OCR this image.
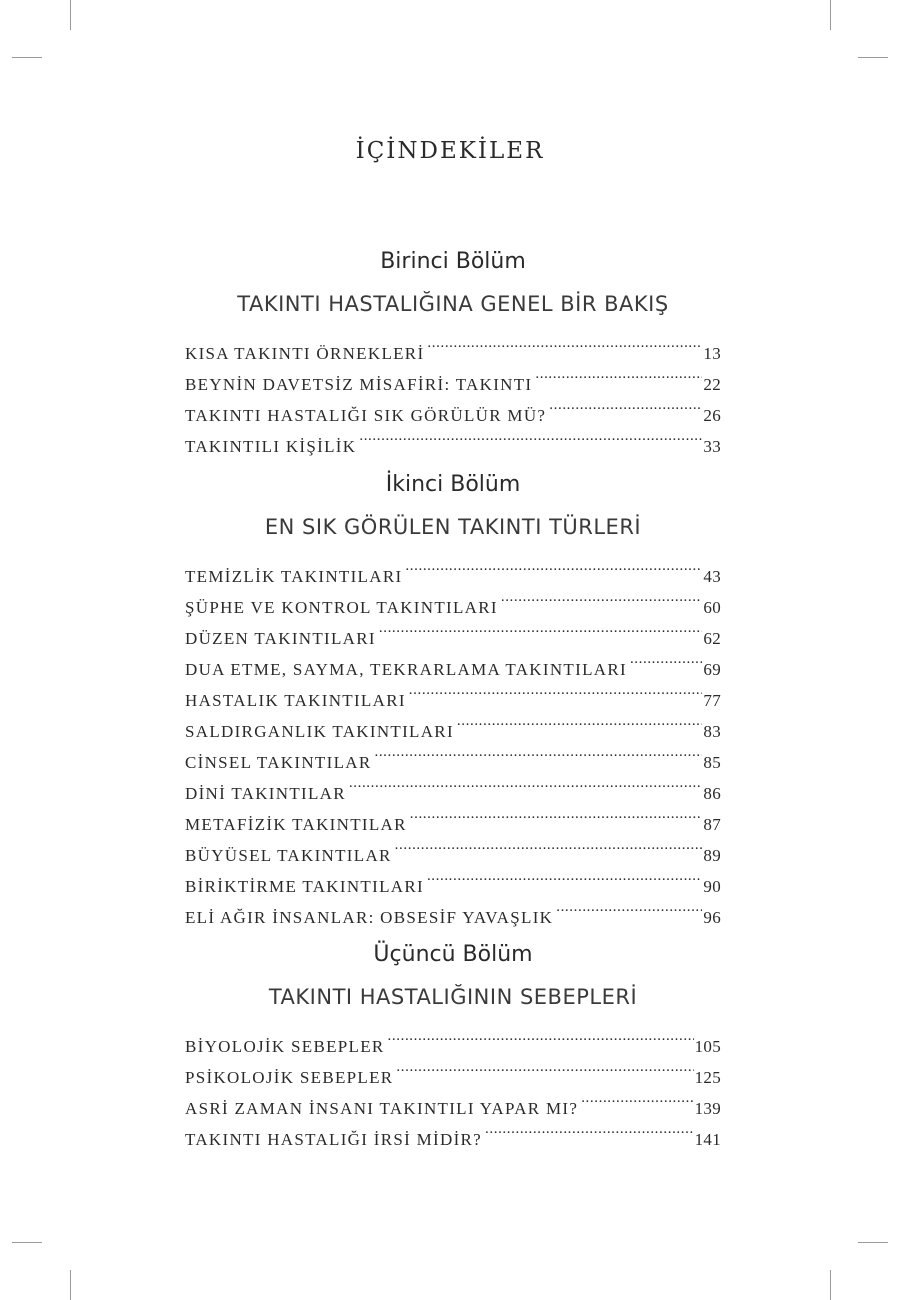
İÇİNDEKİLER
Birinci Bölüm
TAKINTI HASTALIĞINA GENEL BİR BAKIŞ
KISA TAKINTI ÖRNEKLERİ .....	13
BEYNİN DAVETSİZ MİSAFİRİ: TAKINTI .....	22
TAKINTI HASTALIĞI SIK GÖRÜLÜR MÜ? .....	26
TAKINTILI KİŞİLİK .....	33
İkinci Bölüm
EN SIK GÖRÜLEN TAKINTI TÜRLERİ
TEMİZLİK TAKINTILARI .....	43
ŞÜPHE VE KONTROL TAKINTILARI .....	60
DÜZEN TAKINTILARI .....	62
DUA ETME, SAYMA, TEKRARLAMA TAKINTILARI .....	69
HASTALIK TAKINTILARI .....	77
SALDIRGANLIK TAKINTILARI .....	83
CİNSEL TAKINTILAR .....	85
DİNİ TAKINTILAR .....	86
METAFİZİK TAKINTILAR .....	87
BÜYÜSEL TAKINTILAR .....	89
BİRİKTİRME TAKINTILARI .....	90
ELİ AĞIR İNSANLAR: OBSESİF YAVAŞLIK .....	96
Üçüncü Bölüm
TAKINTI HASTALIĞININ SEBEPLERİ
BİYOLOJİK SEBEPLER .....	105
PSİKOLOJİK SEBEPLER .....	125
ASRİ ZAMAN İNSANI TAKINTILI YAPAR MI? .....	139
TAKINTI HASTALIĞI İRSİ MİDİR? .....	141
